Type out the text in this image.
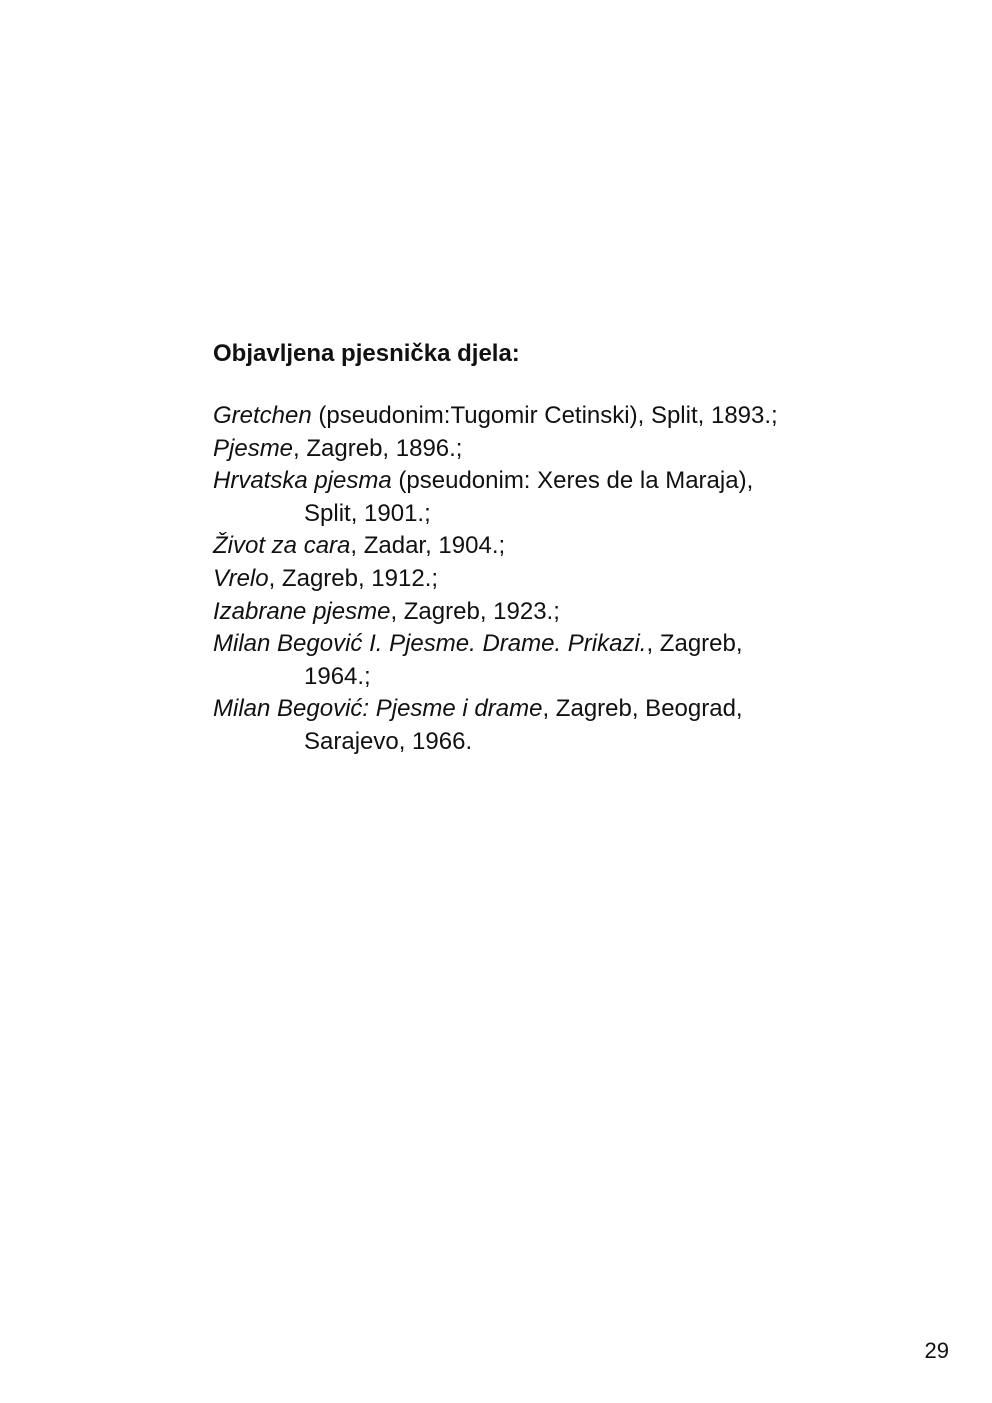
Objavljena pjesnička djela:
Gretchen (pseudonim:Tugomir Cetinski), Split, 1893.;
Pjesme, Zagreb, 1896.;
Hrvatska pjesma (pseudonim: Xeres de la Maraja),
Split, 1901.;
Život za cara, Zadar, 1904.;
Vrelo, Zagreb, 1912.;
Izabrane pjesme, Zagreb, 1923.;
Milan Begović I. Pjesme. Drame. Prikazi., Zagreb,
1964.;
Milan Begović: Pjesme i drame, Zagreb, Beograd,
Sarajevo, 1966.

29
